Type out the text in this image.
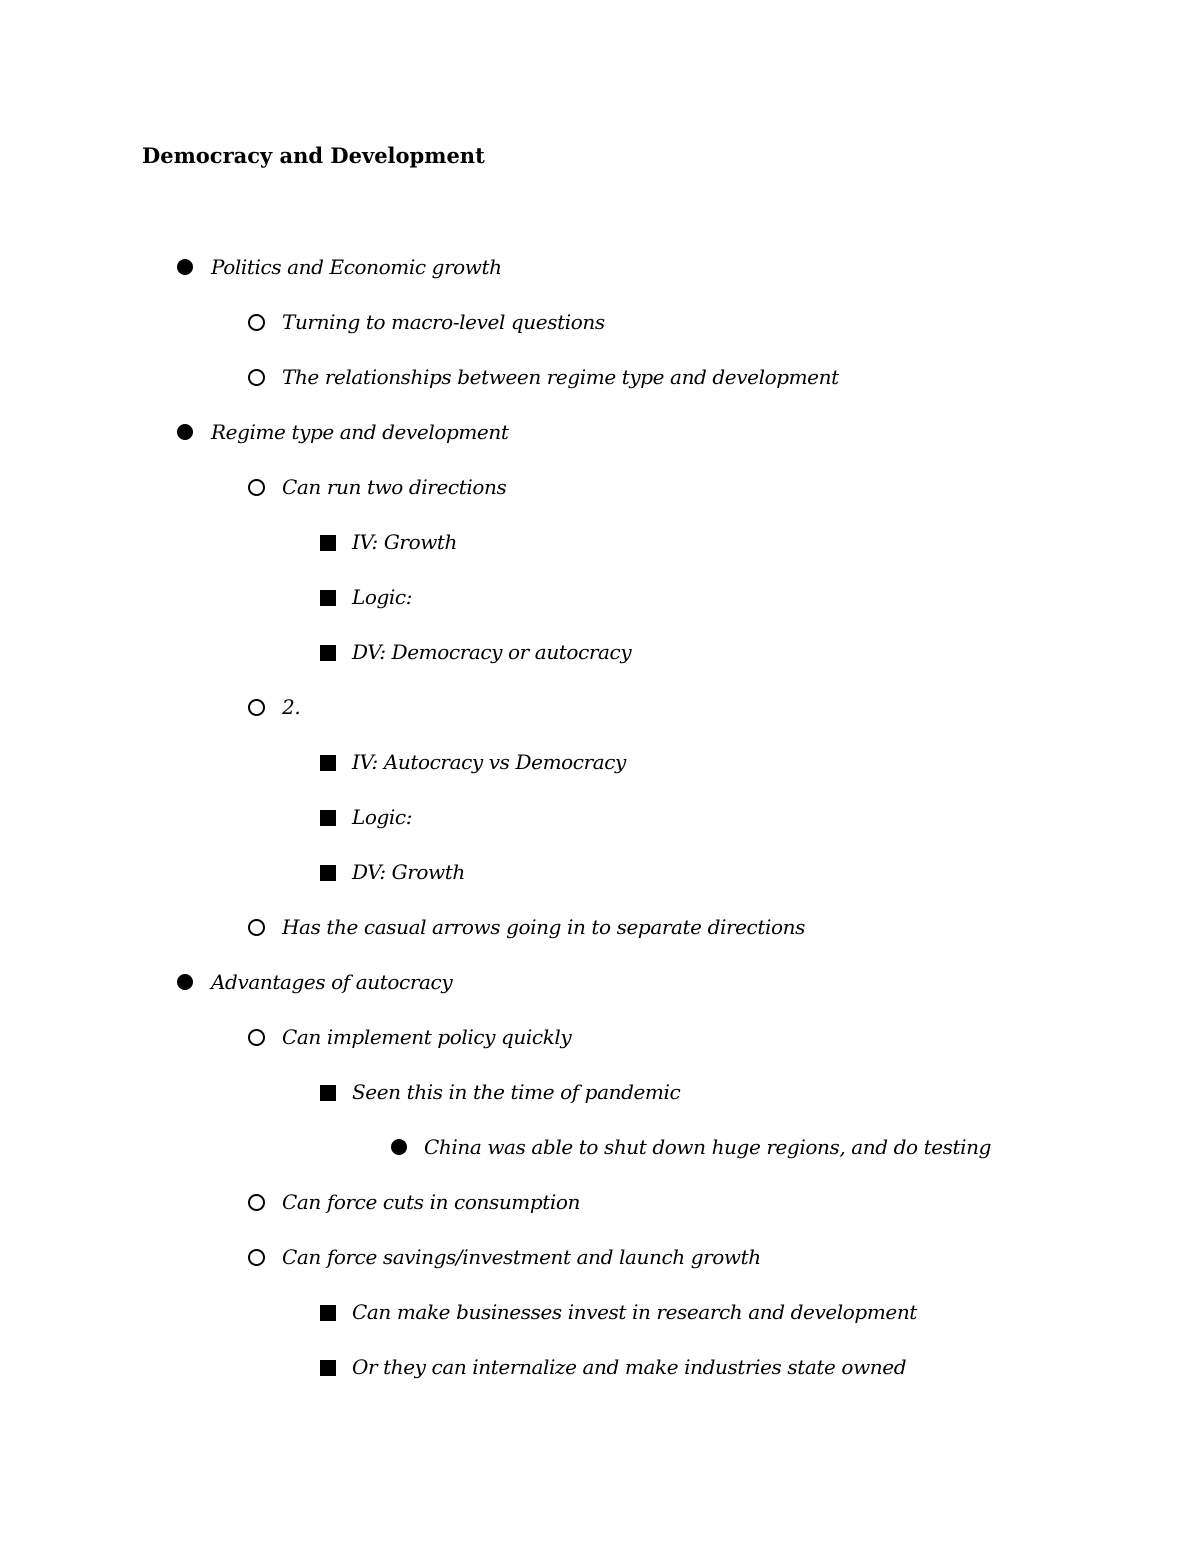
Democracy and Development
Politics and Economic growth
Turning to macro-level questions
The relationships between regime type and development
Regime type and development
Can run two directions
IV: Growth
Logic:
DV: Democracy or autocracy
2.
IV: Autocracy vs Democracy
Logic:
DV: Growth
Has the casual arrows going in to separate directions
Advantages of autocracy
Can implement policy quickly
Seen this in the time of pandemic
China was able to shut down huge regions, and do testing
Can force cuts in consumption
Can force savings/investment and launch growth
Can make businesses invest in research and development
Or they can internalize and make industries state owned
